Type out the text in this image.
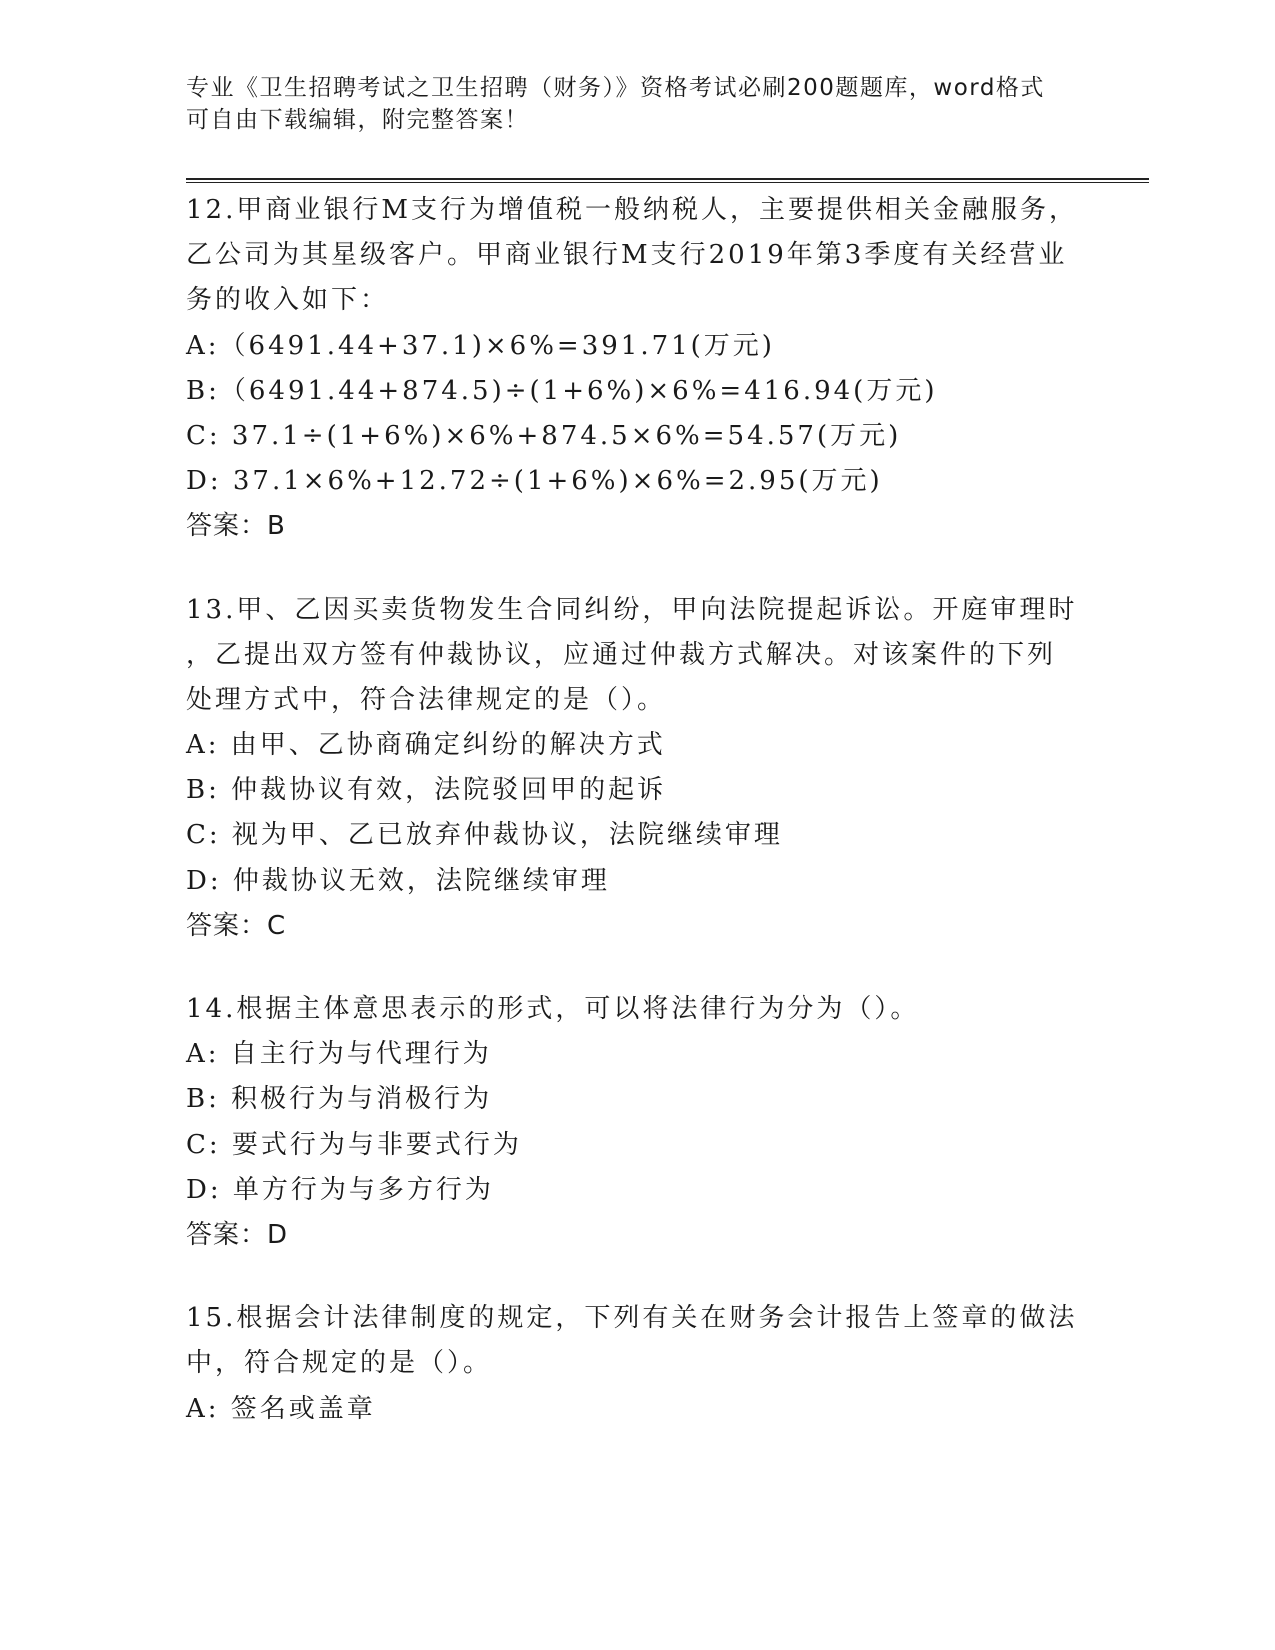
专业《卫生招聘考试之卫生招聘（财务）》资格考试必刷200题题库，word格式
可自由下载编辑，附完整答案！
12.甲商业银行M支行为增值税一般纳税人，主要提供相关金融服务，
乙公司为其星级客户。甲商业银行M支行2019年第3季度有关经营业
务的收入如下：
A:（6491.44+37.1)×6%=391.71(万元)
B:（6491.44+874.5)÷(1+6%)×6%=416.94(万元)
C: 37.1÷(1+6%)×6%+874.5×6%=54.57(万元)
D: 37.1×6%+12.72÷(1+6%)×6%=2.95(万元)
答案：B
13.甲、乙因买卖货物发生合同纠纷，甲向法院提起诉讼。开庭审理时
，乙提出双方签有仲裁协议，应通过仲裁方式解决。对该案件的下列
处理方式中，符合法律规定的是（）。
A: 由甲、乙协商确定纠纷的解决方式
B: 仲裁协议有效，法院驳回甲的起诉
C: 视为甲、乙已放弃仲裁协议，法院继续审理
D: 仲裁协议无效，法院继续审理
答案：C
14.根据主体意思表示的形式，可以将法律行为分为（）。
A: 自主行为与代理行为
B: 积极行为与消极行为
C: 要式行为与非要式行为
D: 单方行为与多方行为
答案：D
15.根据会计法律制度的规定，下列有关在财务会计报告上签章的做法
中，符合规定的是（）。
A: 签名或盖章
